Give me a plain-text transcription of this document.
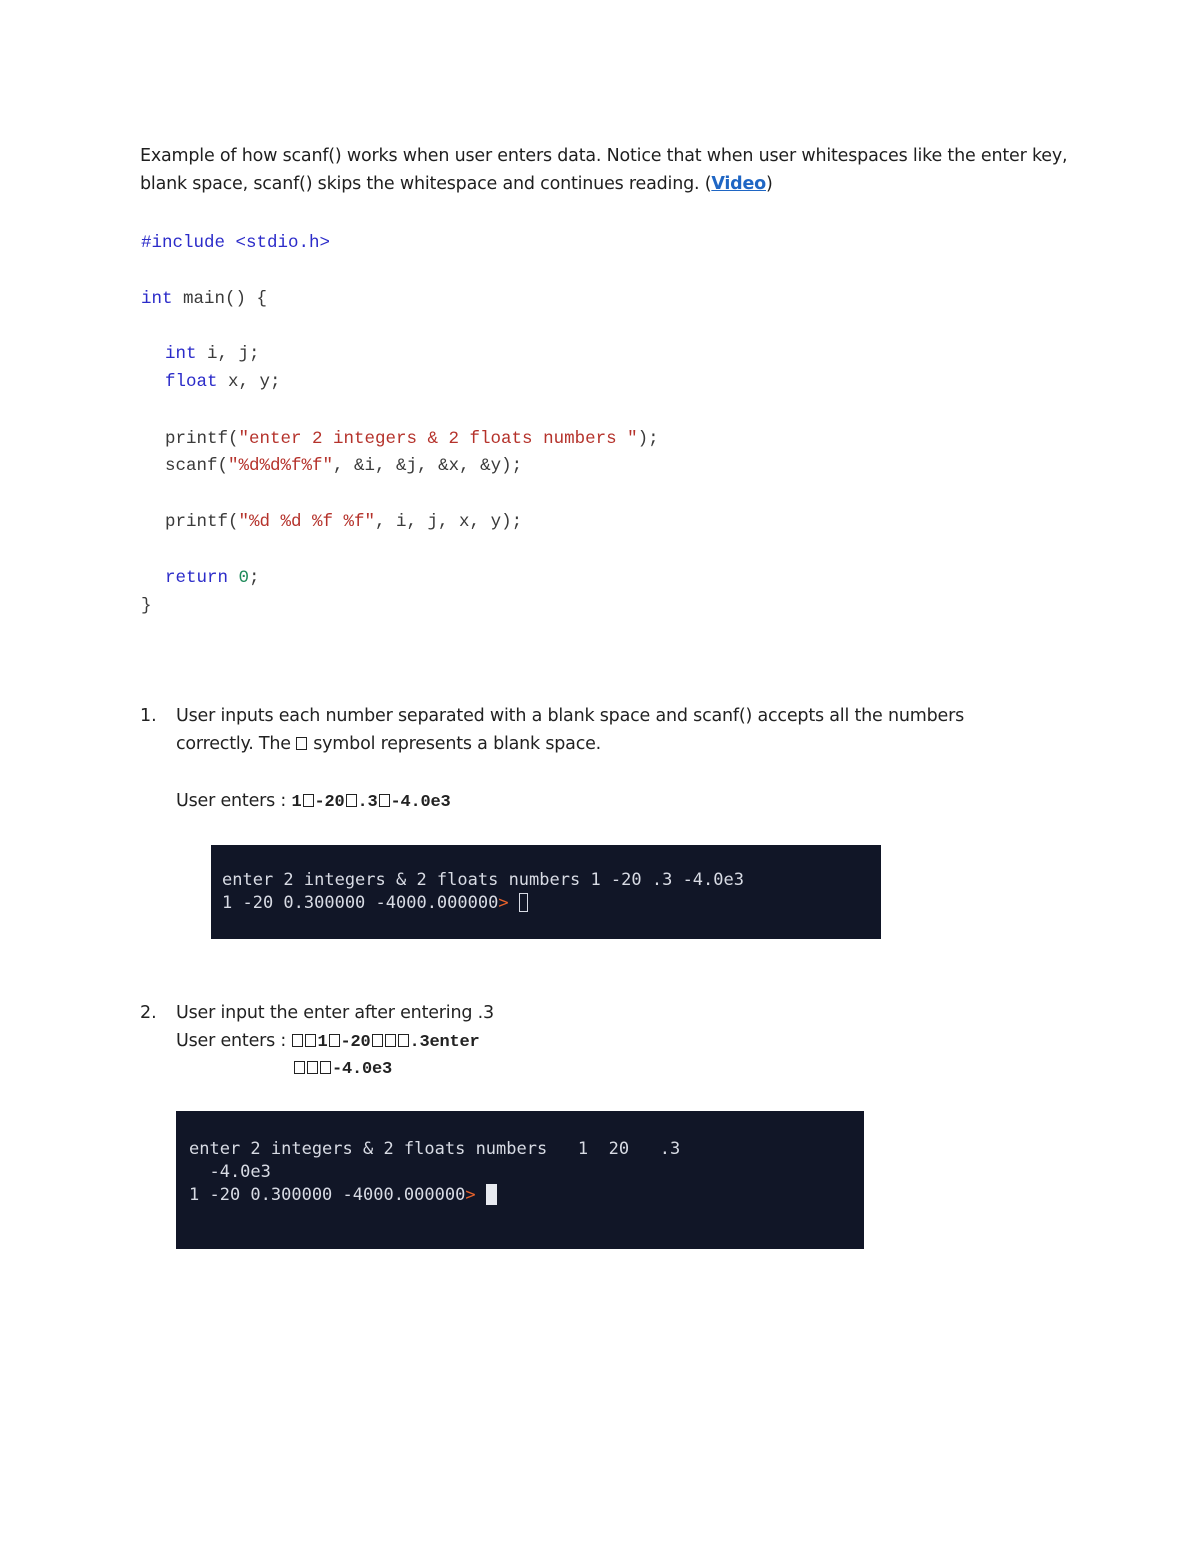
Example of how scanf() works when user enters data. Notice that when user whitespaces like the enter key, blank space, scanf() skips the whitespace and continues reading. (Video)
#include <stdio.h>
int main() {
int i, j;
float x, y;
printf("enter 2 integers & 2 floats numbers ");
scanf("%d%d%f%f", &i, &j, &x, &y);
printf("%d %d %f %f", i, j, x, y);
return 0;
}
1. User inputs each number separated with a blank space and scanf() accepts all the numbers correctly. The symbol represents a blank space.
User enters : 1 -20 .3 -4.0e3

enter 2 integers & 2 floats numbers 1 -20 .3 -4.0e3
1 -20 0.300000 -4000.000000>
2. User input the enter after entering .3
User enters : 1 -20 .3enter
-4.0e3

enter 2 integers & 2 floats numbers   1  20   .3
-4.0e3
1 -20 0.300000 -4000.000000>
